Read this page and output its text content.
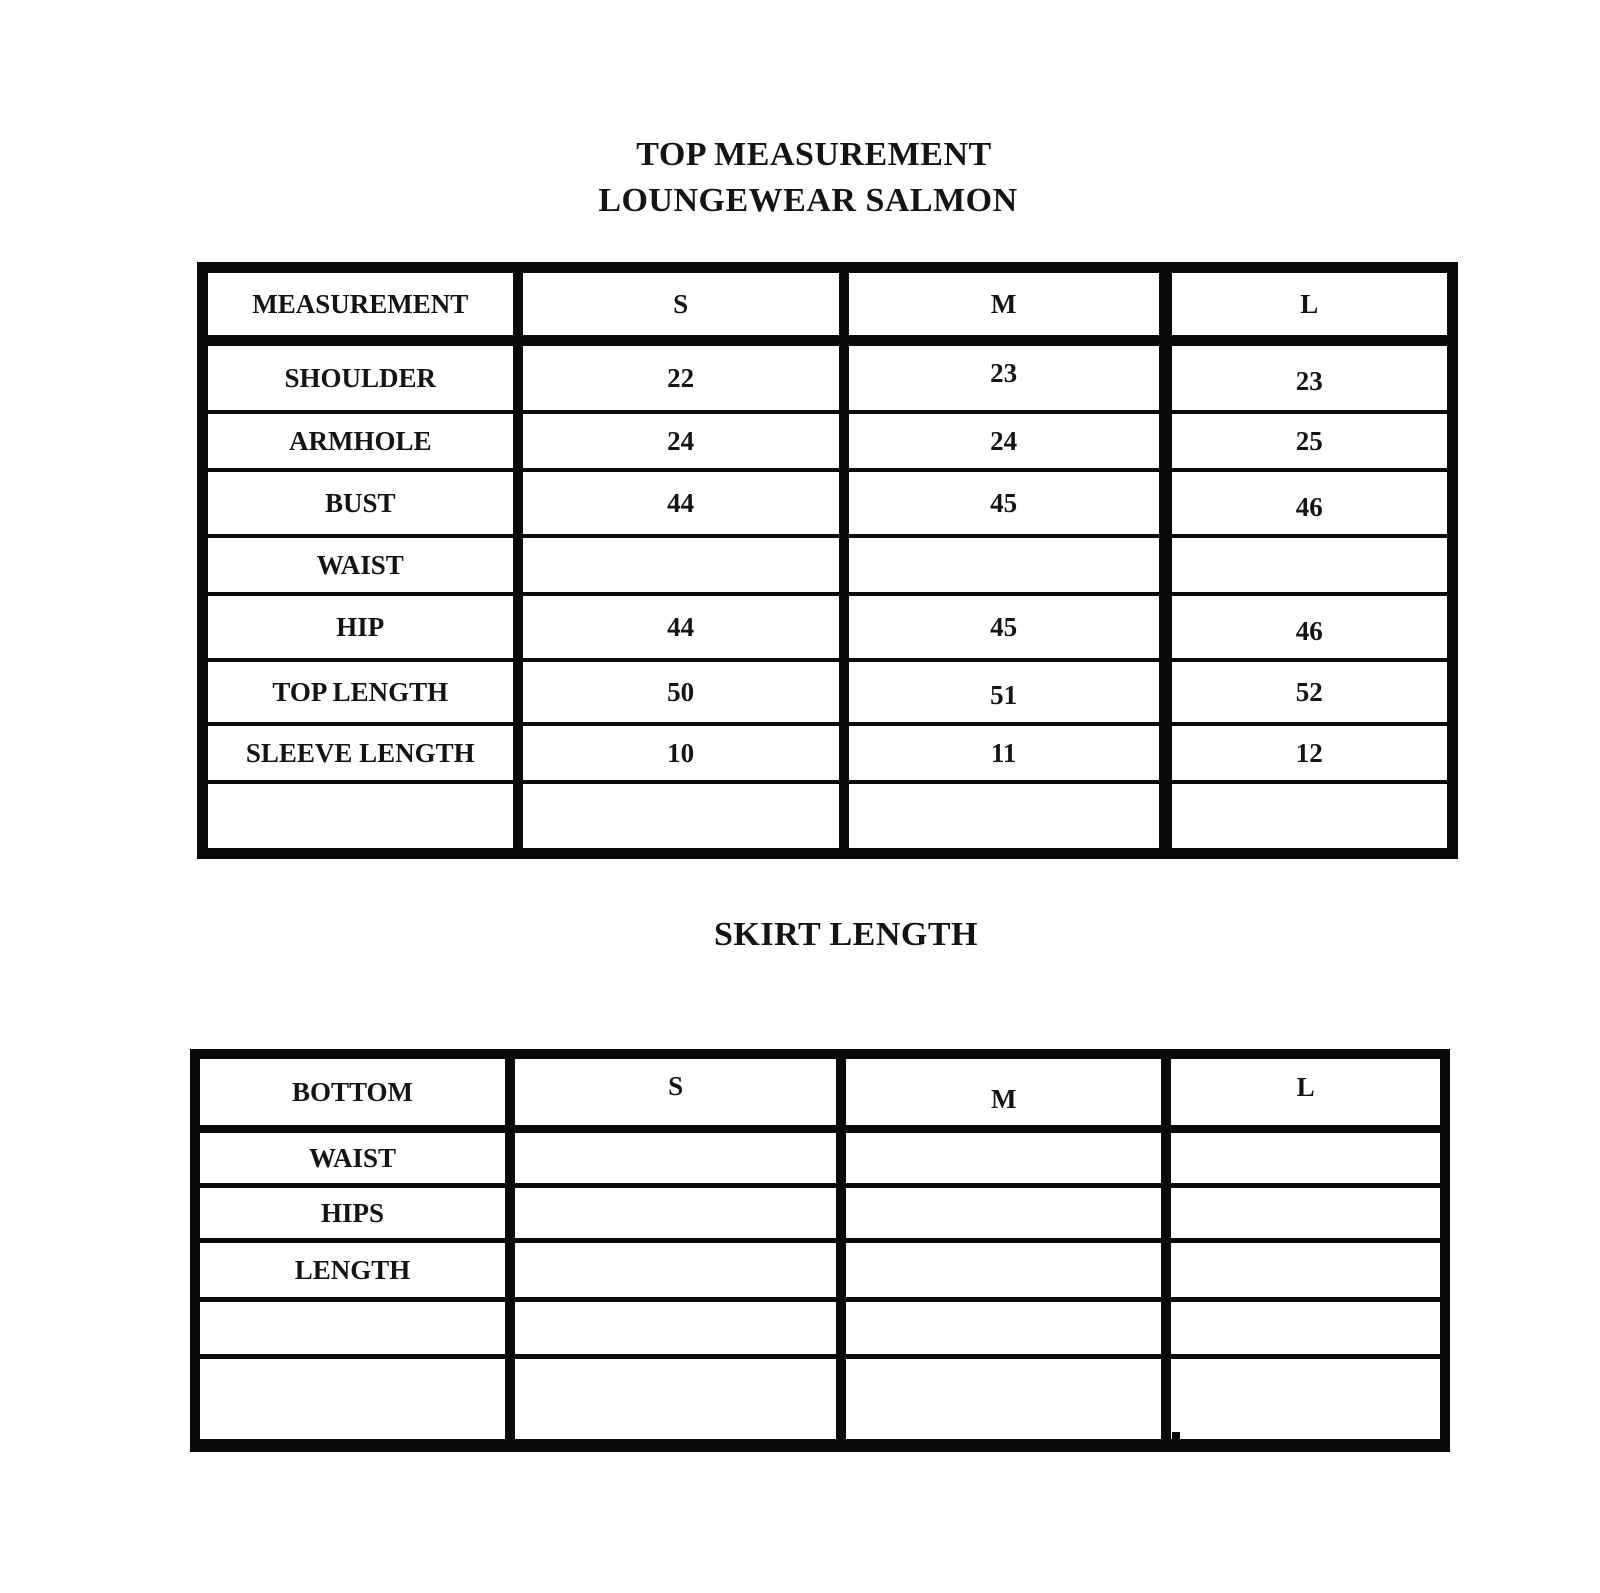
TOP MEASUREMENT
LOUNGEWEAR SALMON
MEASUREMENT	S	M	L
SHOULDER	22	23	23
ARMHOLE	24	24	25
BUST	44	45	46
WAIST			
HIP	44	45	46
TOP LENGTH	50	51	52
SLEEVE LENGTH	10	11	12

SKIRT LENGTH
BOTTOM	S	M	L
WAIST			
HIPS			
LENGTH			
